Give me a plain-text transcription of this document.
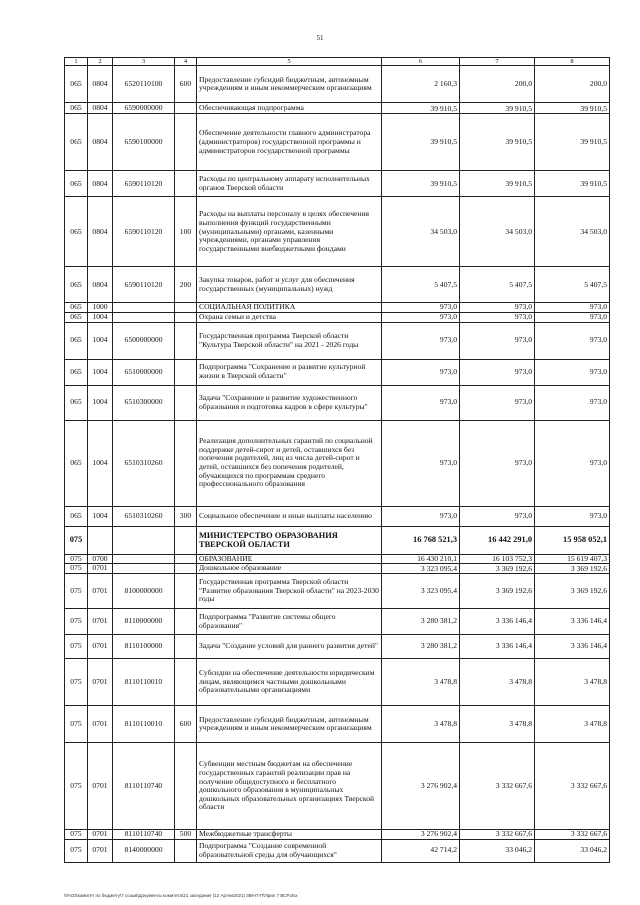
51
1	2	3	4	5	6	7	8
065	0804	6520110100	600	Предоставление субсидий бюджетным, автономным учреждениям и иным некоммерческим организациям	2 160,3	200,0	200,0
065	0804	6590000000		Обеспечивающая подпрограмма	39 910,5	39 910,5	39 910,5
065	0804	6590100000		Обеспечение деятельности главного администратора (администраторов) государственной программы и администраторов государственной программы	39 910,5	39 910,5	39 910,5
065	0804	6590110120		Расходы по центральному аппарату исполнительных органов Тверской области	39 910,5	39 910,5	39 910,5
065	0804	6590110120	100	Расходы на выплаты персоналу в целях обеспечения выполнения функций государственными (муниципальными) органами, казенными учреждениями, органами управления государственными внебюджетными фондами	34 503,0	34 503,0	34 503,0
065	0804	6590110120	200	Закупка товаров, работ и услуг для обеспечения государственных (муниципальных) нужд	5 407,5	5 407,5	5 407,5
065	1000			СОЦИАЛЬНАЯ ПОЛИТИКА	973,0	973,0	973,0
065	1004			Охрана семьи и детства	973,0	973,0	973,0
065	1004	6500000000		Государственная программа Тверской области "Культура Тверской области" на 2021 - 2026 годы	973,0	973,0	973,0
065	1004	6510000000		Подпрограмма "Сохранение и развитие культурной жизни в Тверской области"	973,0	973,0	973,0
065	1004	6510300000		Задача "Сохранение и развитие художественного образования и подготовка кадров в сфере культуры"	973,0	973,0	973,0
065	1004	6510310260		Реализация дополнительных гарантий по социальной поддержке детей-сирот и детей, оставшихся без попечения родителей, лиц из числа детей-сирот и детей, оставшихся без попечения родителей, обучающихся по программам среднего профессионального образования	973,0	973,0	973,0
065	1004	6510310260	300	Социальное обеспечение и иные выплаты населению	973,0	973,0	973,0
075				МИНИСТЕРСТВО ОБРАЗОВАНИЯ ТВЕРСКОЙ ОБЛАСТИ	16 768 521,3	16 442 291,0	15 958 052,1
075	0700			ОБРАЗОВАНИЕ	16 430 210,1	16 103 752,3	15 619 407,3
075	0701			Дошкольное образование	3 323 095,4	3 369 192,6	3 369 192,6
075	0701	8100000000		Государственная программа Тверской области "Развитие образования Тверской области" на 2023-2030 годы	3 323 095,4	3 369 192,6	3 369 192,6
075	0701	8110000000		Подпрограмма "Развитие системы общего образования"	3 280 381,2	3 336 146,4	3 336 146,4
075	0701	8110100000		Задача "Создание условий для раннего развития детей"	3 280 381,2	3 336 146,4	3 336 146,4
075	0701	8110110010		Субсидии на обеспечение деятельности юридическим лицам, являющимся частными дошкольными образовательными организациями	3 478,8	3 478,8	3 478,8
075	0701	8110110010	600	Предоставление субсидий бюджетным, автономным учреждениям и иным некоммерческим организациям	3 478,8	3 478,8	3 478,8
075	0701	8110110740		Субвенции местным бюджетам на обеспечение государственных гарантий реализации прав на получение общедоступного и бесплатного дошкольного образования в муниципальных дошкольных образовательных организациях Тверской области	3 276 902,4	3 332 667,6	3 332 667,6
075	0701	8110110740	500	Межбюджетные трансферты	3 276 902,4	3 332 667,6	3 332 667,6
075	0701	8140000000		Подпрограмма "Создание современной образовательной среды для обучающихся"	42 714,2	33 046,2	33 046,2
\\Fs03\комитет по бюджету\7 созыв\Документы комитета\21 заседание (12 Артем2021) 389-П-П\Прил 7 ВСР.xlsx
